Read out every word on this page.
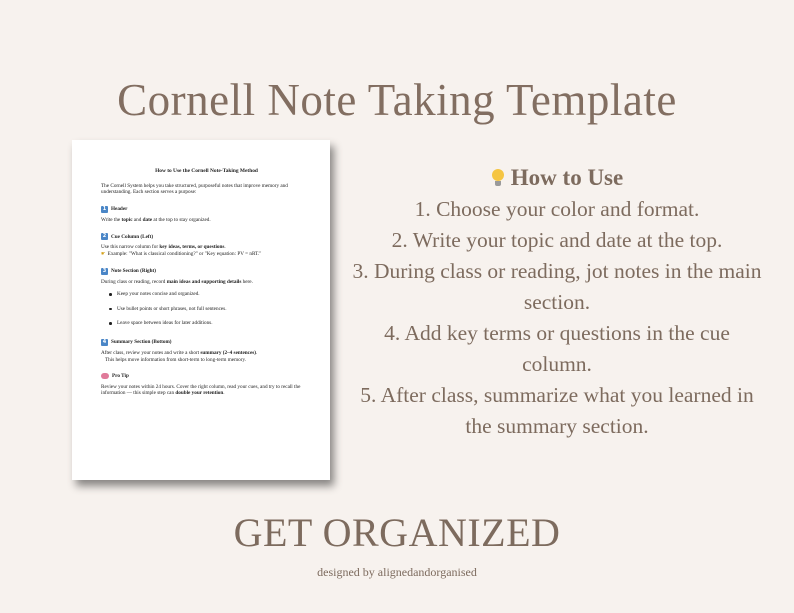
Cornell Note Taking Template
How to Use the Cornell Note-Taking Method

The Cornell System helps you take structured, purposeful notes that improve memory and understanding. Each section serves a purpose:

1 Header

Write the topic and date at the top to stay organized.

2 Cue Column (Left)

Use this narrow column for key ideas, terms, or questions.

☛ Example: "What is classical conditioning?" or "Key equation: PV = nRT."

3 Note Section (Right)

During class or reading, record main ideas and supporting details here.

Keep your notes concise and organized.
Use bullet points or short phrases, not full sentences.
Leave space between ideas for later additions.
4 Summary Section (Bottom)

After class, review your notes and write a short summary (2–4 sentences).

This helps move information from short-term to long-term memory.

Pro Tip

Review your notes within 24 hours. Cover the right column, read your cues, and try to recall the information — this simple step can double your retention.

How to Use
1. Choose your color and format.
2. Write your topic and date at the top.
3. During class or reading, jot notes in the main section.
4. Add key terms or questions in the cue column.
5. After class, summarize what you learned in the summary section.
GET ORGANIZED
designed by alignedandorganised
